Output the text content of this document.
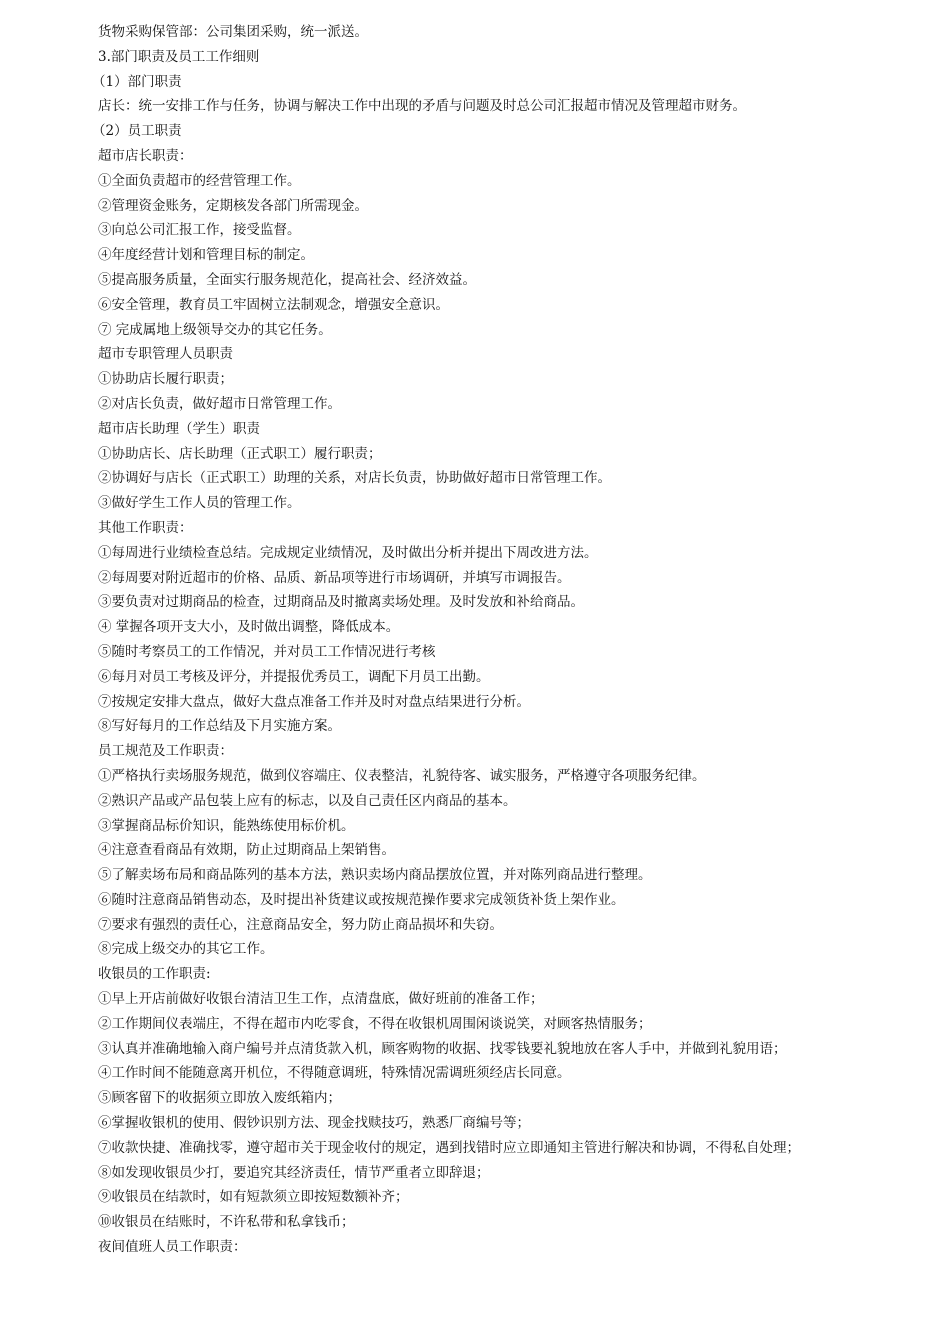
货物采购保管部：公司集团采购，统一派送。
3.部门职责及员工工作细则
（1）部门职责
店长：统一安排工作与任务，协调与解决工作中出现的矛盾与问题及时总公司汇报超市情况及管理超市财务。
（2）员工职责
超市店长职责：
①全面负责超市的经营管理工作。
②管理资金账务，定期核发各部门所需现金。
③向总公司汇报工作，接受监督。
④年度经营计划和管理目标的制定。
⑤提高服务质量，全面实行服务规范化，提高社会、经济效益。
⑥安全管理，教育员工牢固树立法制观念，增强安全意识。
⑦ 完成属地上级领导交办的其它任务。
超市专职管理人员职责
①协助店长履行职责；
②对店长负责，做好超市日常管理工作。
超市店长助理（学生）职责
①协助店长、店长助理（正式职工）履行职责；
②协调好与店长（正式职工）助理的关系，对店长负责，协助做好超市日常管理工作。
③做好学生工作人员的管理工作。
其他工作职责：
①每周进行业绩检查总结。完成规定业绩情况，及时做出分析并提出下周改进方法。
②每周要对附近超市的价格、品质、新品项等进行市场调研，并填写市调报告。
③要负责对过期商品的检查，过期商品及时撤离卖场处理。及时发放和补给商品。
④ 掌握各项开支大小，及时做出调整，降低成本。
⑤随时考察员工的工作情况，并对员工工作情况进行考核
⑥每月对员工考核及评分，并提报优秀员工，调配下月员工出勤。
⑦按规定安排大盘点，做好大盘点准备工作并及时对盘点结果进行分析。
⑧写好每月的工作总结及下月实施方案。
员工规范及工作职责：
①严格执行卖场服务规范，做到仪容端庄、仪表整洁，礼貌待客、诚实服务，严格遵守各项服务纪律。
②熟识产品或产品包装上应有的标志，以及自己责任区内商品的基本。
③掌握商品标价知识，能熟练使用标价机。
④注意查看商品有效期，防止过期商品上架销售。
⑤了解卖场布局和商品陈列的基本方法，熟识卖场内商品摆放位置，并对陈列商品进行整理。
⑥随时注意商品销售动态，及时提出补货建议或按规范操作要求完成领货补货上架作业。
⑦要求有强烈的责任心，注意商品安全，努力防止商品损坏和失窃。
⑧完成上级交办的其它工作。
收银员的工作职责:
①早上开店前做好收银台清洁卫生工作，点清盘底，做好班前的准备工作；
②工作期间仪表端庄，不得在超市内吃零食，不得在收银机周围闲谈说笑，对顾客热情服务；
③认真并准确地输入商户编号并点清货款入机，顾客购物的收据、找零钱要礼貌地放在客人手中，并做到礼貌用语；
④工作时间不能随意离开机位，不得随意调班，特殊情况需调班须经店长同意。
⑤顾客留下的收据须立即放入废纸箱内；
⑥掌握收银机的使用、假钞识别方法、现金找赎技巧，熟悉厂商编号等；
⑦收款快捷、准确找零，遵守超市关于现金收付的规定，遇到找错时应立即通知主管进行解决和协调，不得私自处理；
⑧如发现收银员少打，要追究其经济责任，情节严重者立即辞退；
⑨收银员在结款时，如有短款须立即按短数额补齐；
⑩收银员在结账时，不许私带和私拿钱币；
夜间值班人员工作职责：
